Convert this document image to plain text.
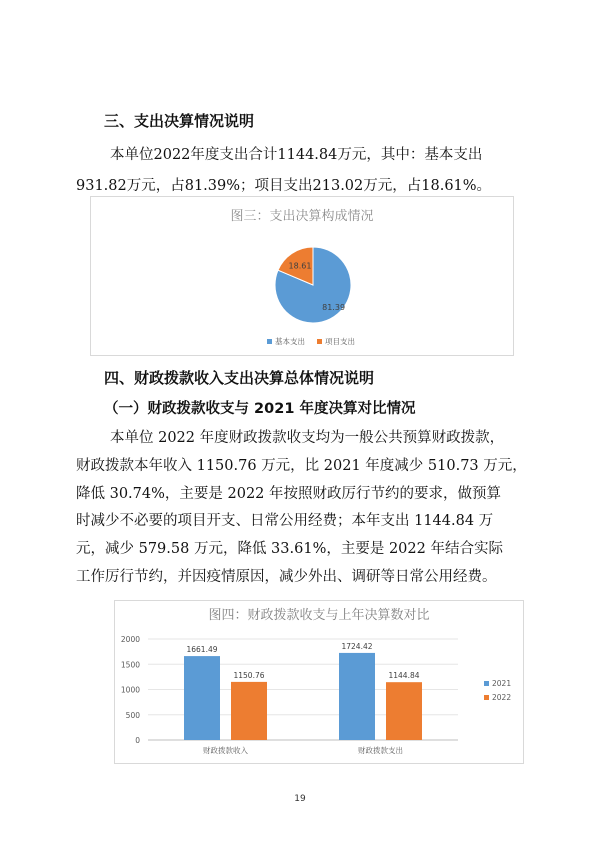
三、支出决算情况说明
本单位2022年度支出合计1144.84万元，其中：基本支出
931.82万元，占81.39%；项目支出213.02万元，占18.61%。
图三：支出决算构成情况
81.39
18.61
基本支出	项目支出
四、财政拨款收入支出决算总体情况说明
（一）财政拨款收支与 2021 年度决算对比情况
本单位 2022 年度财政拨款收支均为一般公共预算财政拨款，
财政拨款本年收入 1150.76 万元，比 2021 年度减少 510.73 万元，
降低 30.74%，主要是 2022 年按照财政厉行节约的要求，做预算
时减少不必要的项目开支、日常公用经费；本年支出 1144.84 万
元，减少 579.58 万元，降低 33.61%，主要是 2022 年结合实际
工作厉行节约，并因疫情原因，减少外出、调研等日常公用经费。
图四：财政拨款收支与上年决算数对比
0
500
1000
1500
2000
1661.49
1150.76
财政拨款收入
1724.42
1144.84
财政拨款支出
2021
2022
19
